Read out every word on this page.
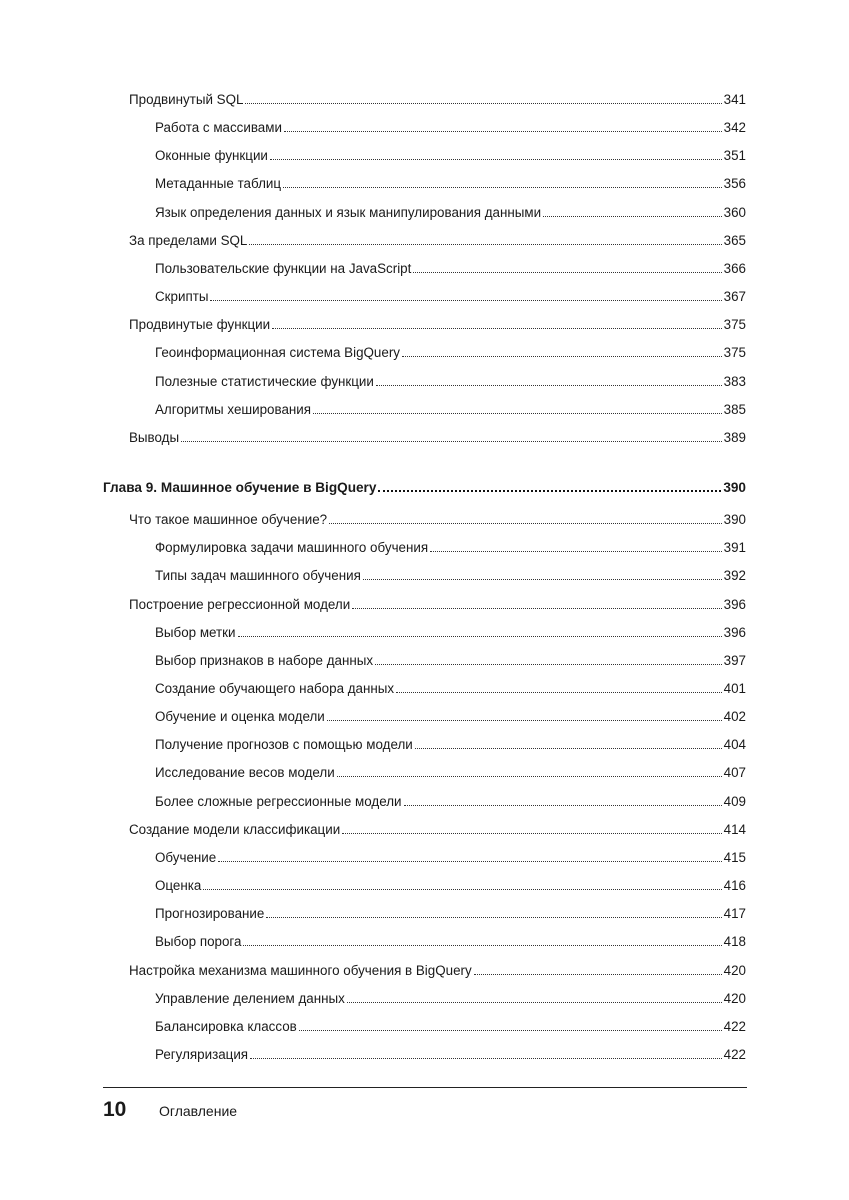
Продвинутый SQL	341
Работа с массивами	342
Оконные функции	351
Метаданные таблиц	356
Язык определения данных и язык манипулирования данными	360
За пределами SQL	365
Пользовательские функции на JavaScript	366
Скрипты	367
Продвинутые функции	375
Геоинформационная система BigQuery	375
Полезные статистические функции	383
Алгоритмы хеширования	385
Выводы	389
Глава 9. Машинное обучение в BigQuery	390
Что такое машинное обучение?	390
Формулировка задачи машинного обучения	391
Типы задач машинного обучения	392
Построение регрессионной модели	396
Выбор метки	396
Выбор признаков в наборе данных	397
Создание обучающего набора данных	401
Обучение и оценка модели	402
Получение прогнозов с помощью модели	404
Исследование весов модели	407
Более сложные регрессионные модели	409
Создание модели классификации	414
Обучение	415
Оценка	416
Прогнозирование	417
Выбор порога	418
Настройка механизма машинного обучения в BigQuery	420
Управление делением данных	420
Балансировка классов	422
Регуляризация	422
10 Оглавление
